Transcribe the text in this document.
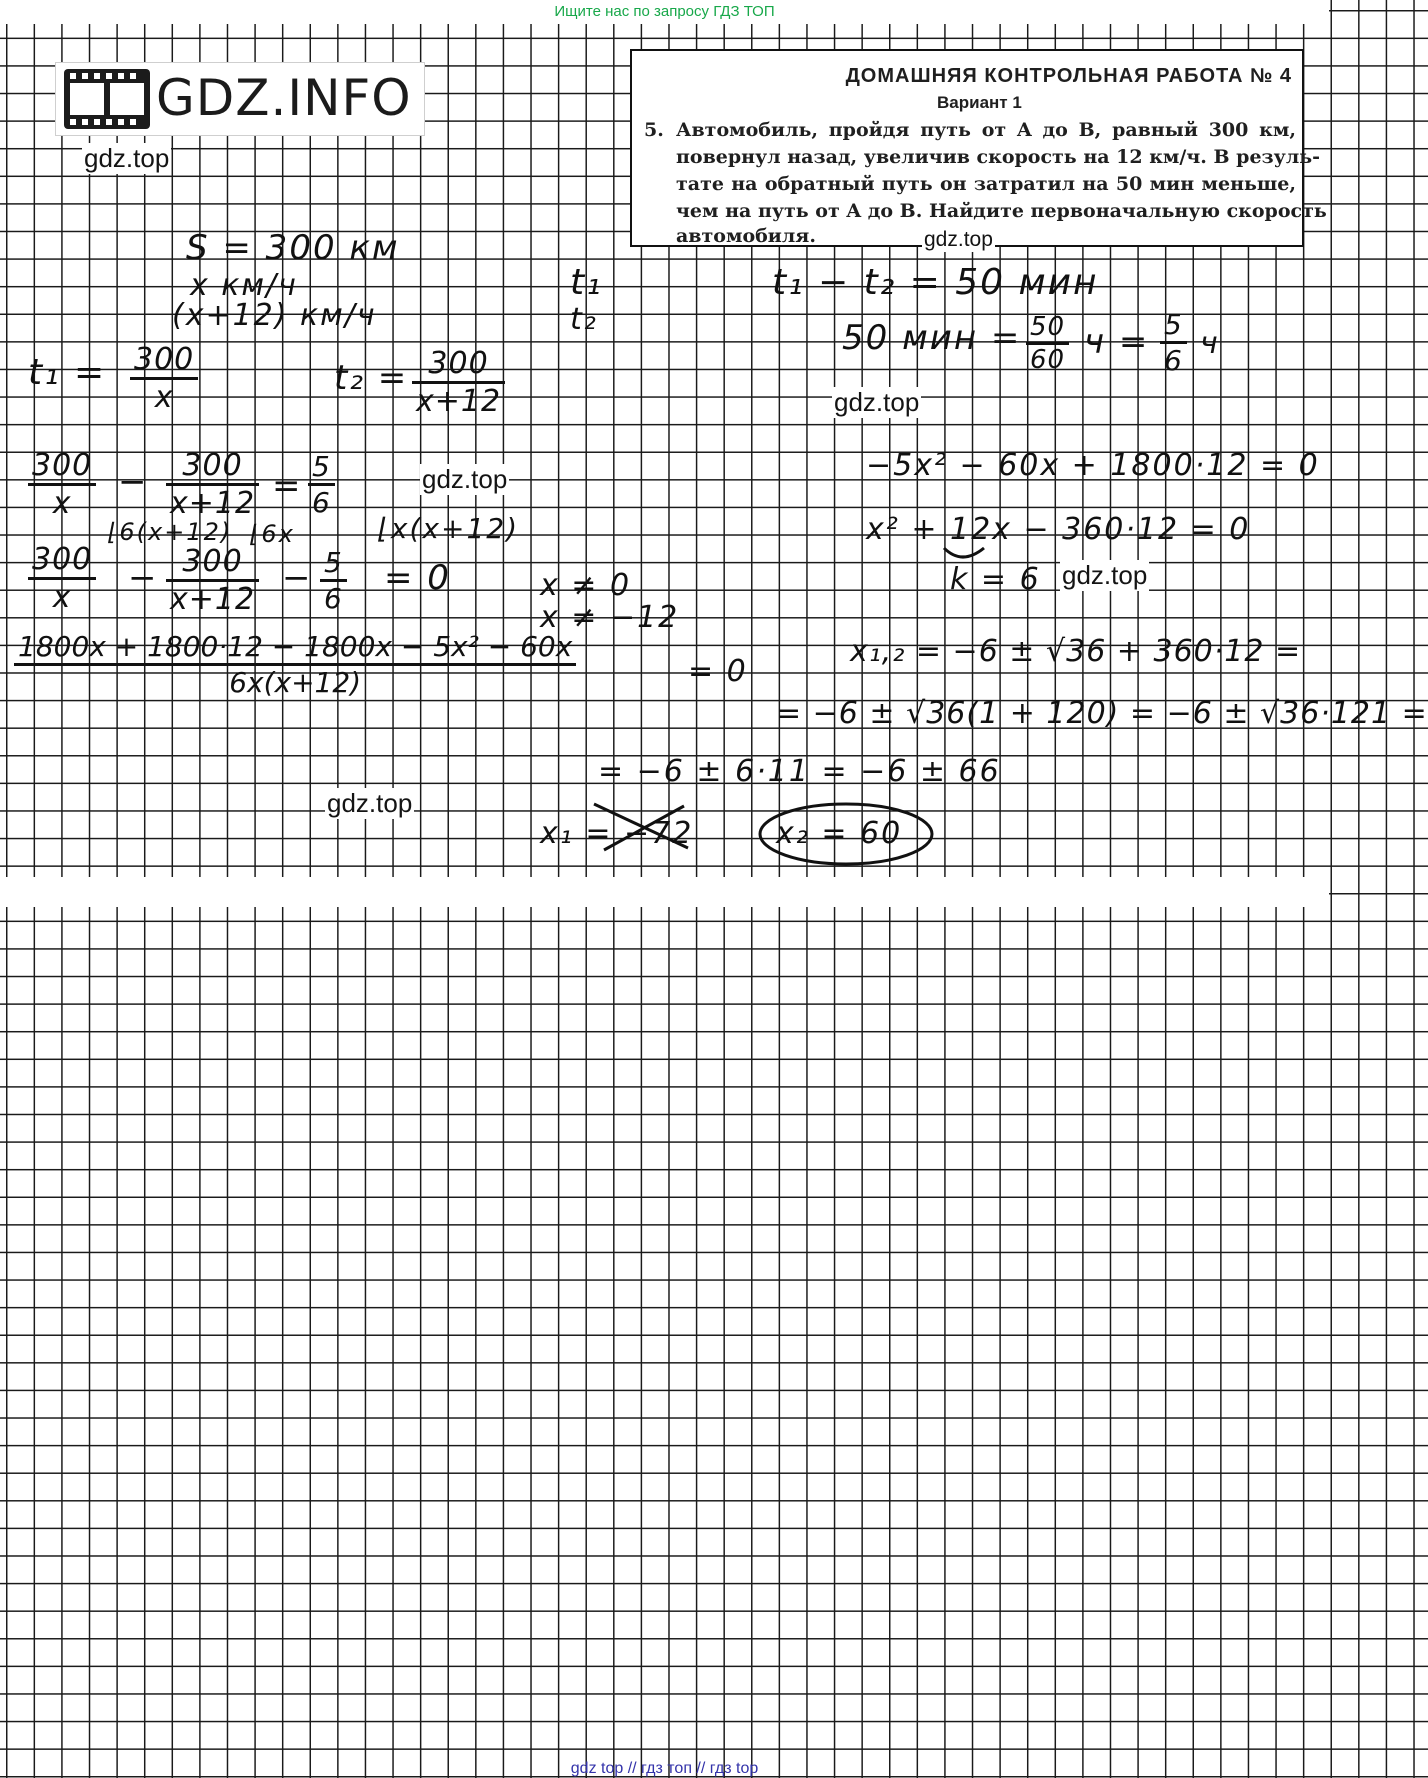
Ищите нас по запросу ГДЗ ТОП
GDZ.INFO	ДОМАШНЯЯ КОНТРОЛЬНАЯ РАБОТА № 4
Вариант 1
5. Автомобиль, пройдя путь от A до B, равный 300 км,
повернул назад, увеличив скорость на 12 км/ч. В резуль-
тате на обратный путь он затратил на 50 мин меньше,
чем на путь от A до B. Найдите первоначальную скорость
автомобиля.
gdz.top
gdz.top
gdz.top
gdz.top
gdz.top
gdz.top
S = 300 км
x км/ч
(x+12) км/ч
t₁
t₂
t₁ − t₂ = 50 мин
50 мин = $\frac{50}{60}$ $ч = \frac{5}{6}$ ч
$t_1 = \frac{300}{x}$	$t_2 = \frac{300}{x+12}$
$\frac{300}{x} - \frac{300}{x+12} = \frac{5}{6}$
⌊6(x+12) ⌊6x	⌊x(x+12)
$\frac{300}{x} - \frac{300}{x+12} - \frac{5}{6} = 0$	x ≠ 0
x ≠ −12
$\frac{\text{1800x + 1800·12 − 1800x − 5x² − 60x}}{6x(x+12)}$	= 0
−5x² − 60x + 1800·12 = 0
x² + 12x − 360·12 = 0
k = 6
x₁,₂ = −6 ± √36 + 360·12 =
= −6 ± √36(1 + 120) = −6 ± √36·121 =
= −6 ± 6·11 = −6 ± 66
x₁ = −72	x₂ = 60
gdz top // гдз топ // гдз top
